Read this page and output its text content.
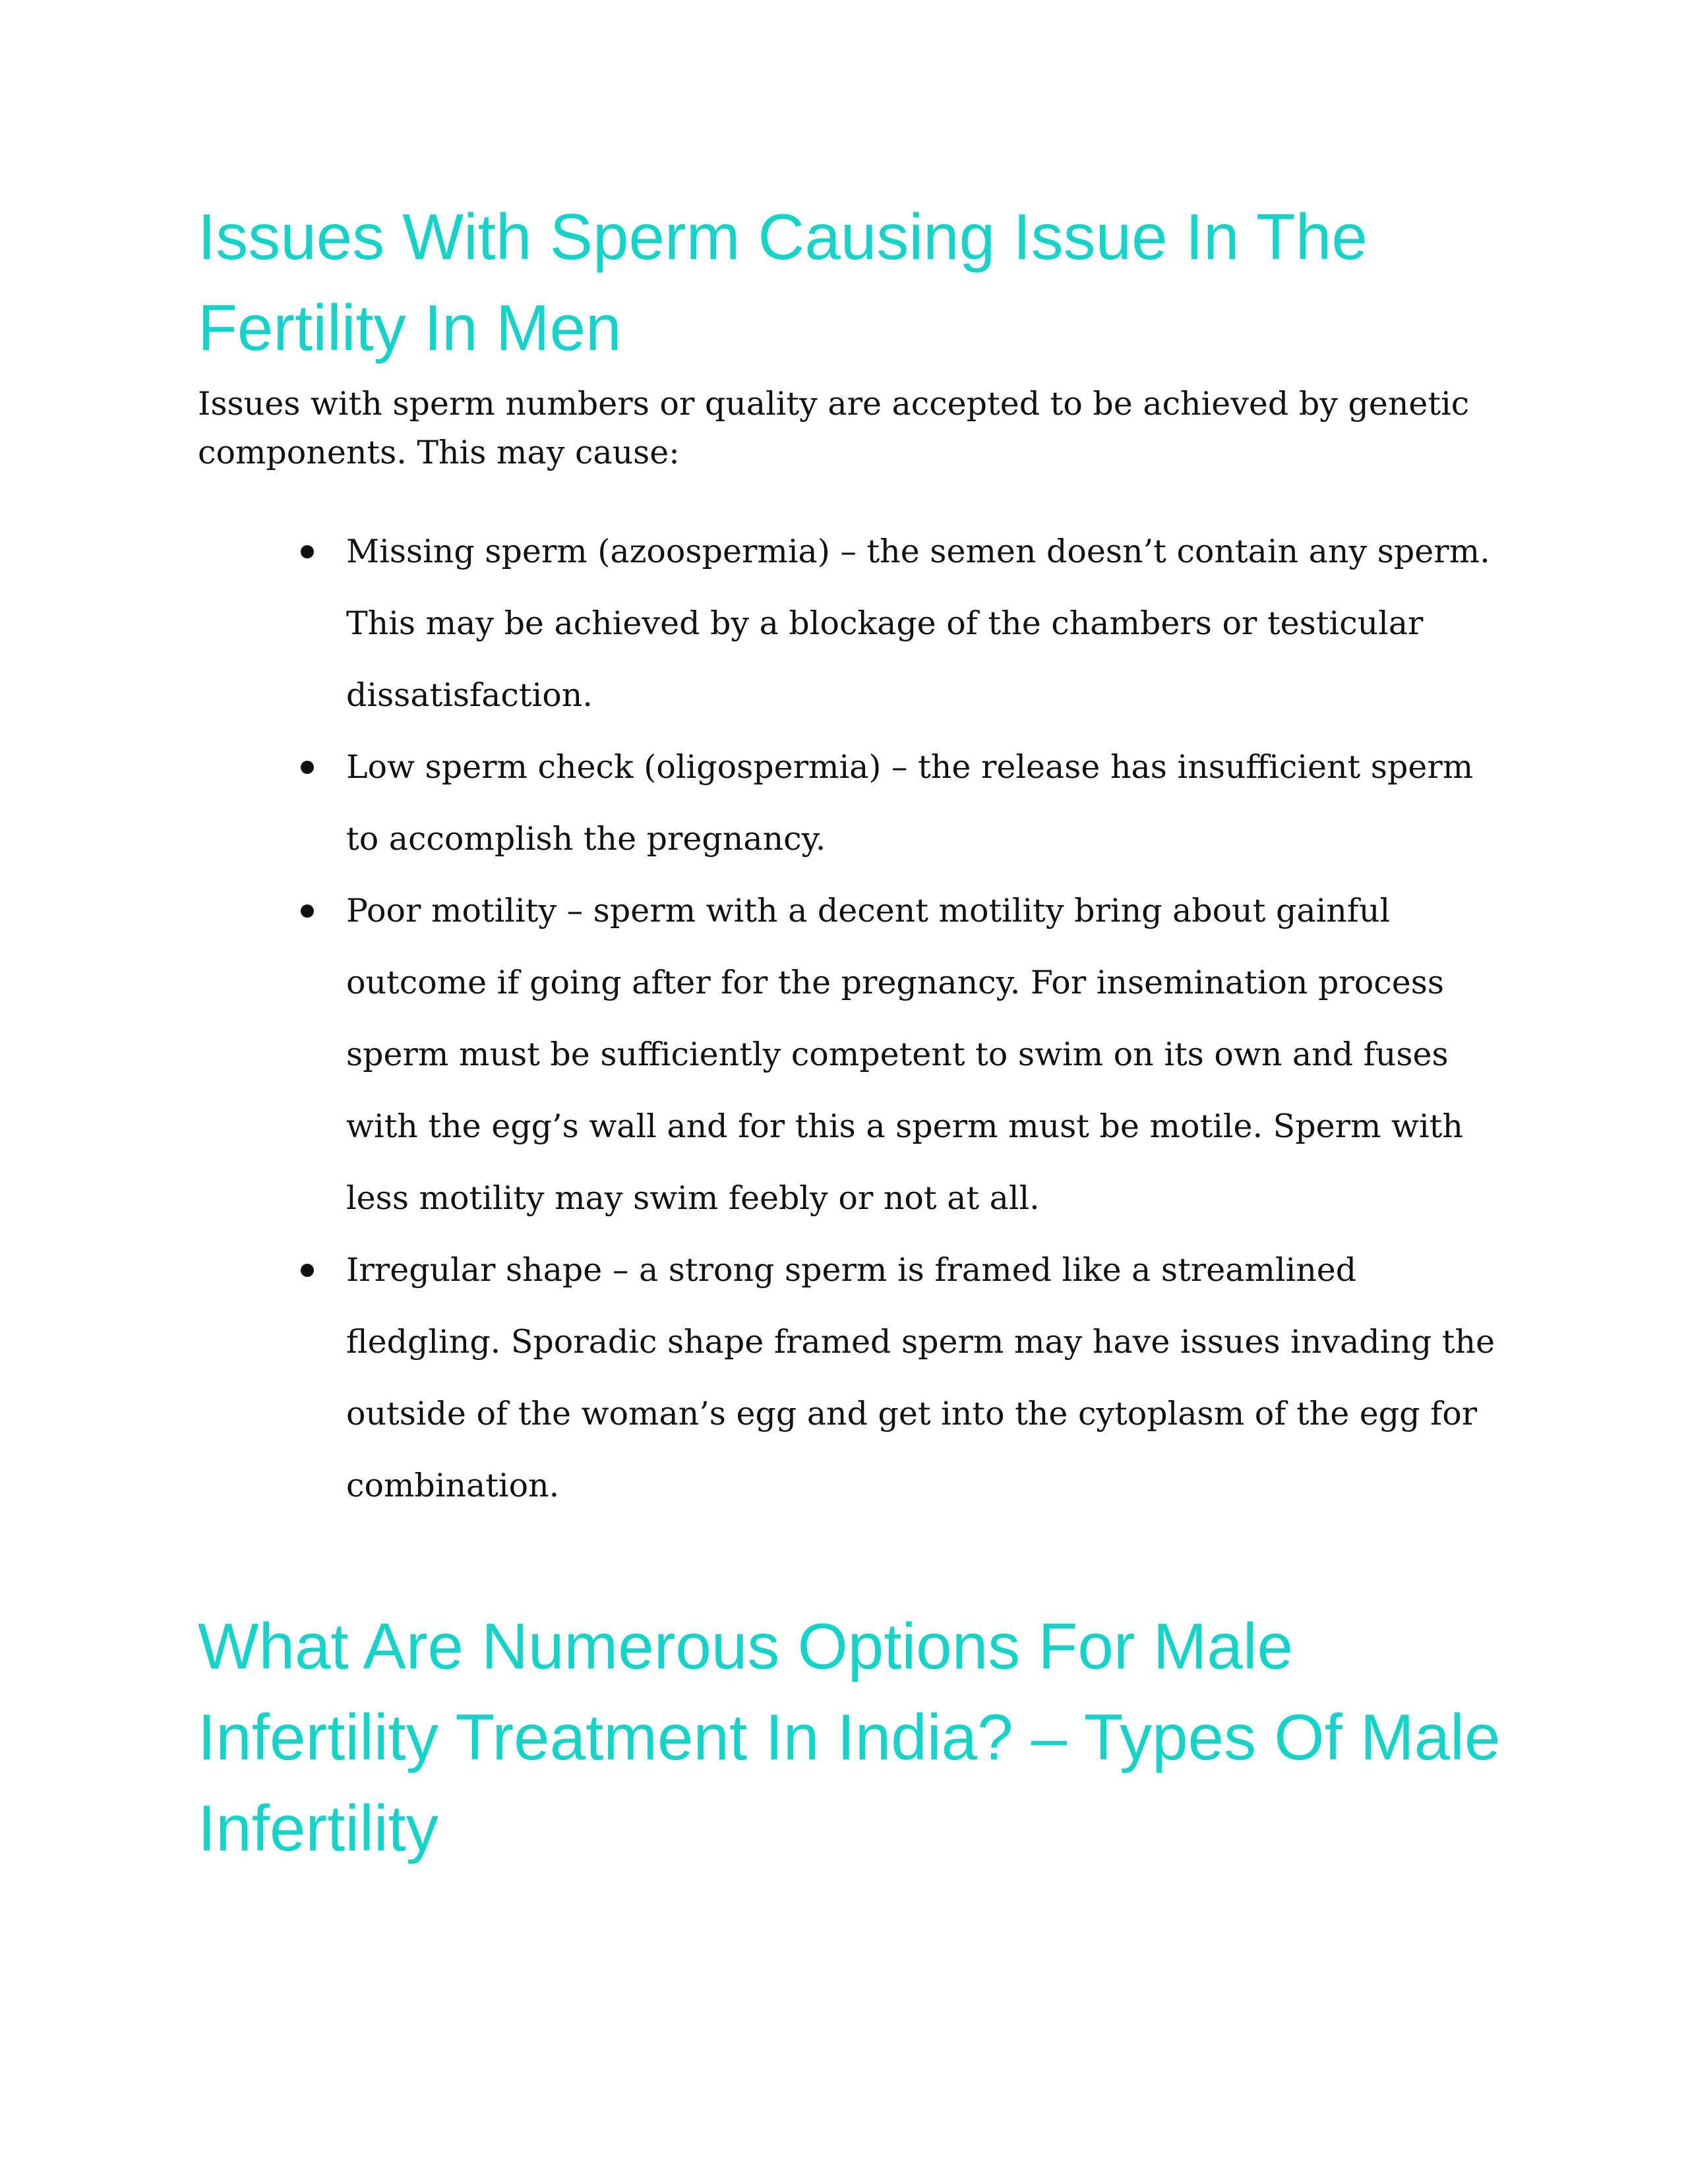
Issues With Sperm Causing Issue In The Fertility In Men

Issues with sperm numbers or quality are accepted to be achieved by genetic components. This may cause:

Missing sperm (azoospermia) – the semen doesn’t contain any sperm. This may be achieved by a blockage of the chambers or testicular dissatisfaction.
Low sperm check (oligospermia) – the release has insufficient sperm to accomplish the pregnancy.
Poor motility – sperm with a decent motility bring about gainful outcome if going after for the pregnancy. For insemination process sperm must be sufficiently competent to swim on its own and fuses with the egg’s wall and for this a sperm must be motile. Sperm with less motility may swim feebly or not at all.
Irregular shape – a strong sperm is framed like a streamlined fledgling. Sporadic shape framed sperm may have issues invading the outside of the woman’s egg and get into the cytoplasm of the egg for combination.
What Are Numerous Options For Male Infertility Treatment In India? – Types Of Male Infertility
